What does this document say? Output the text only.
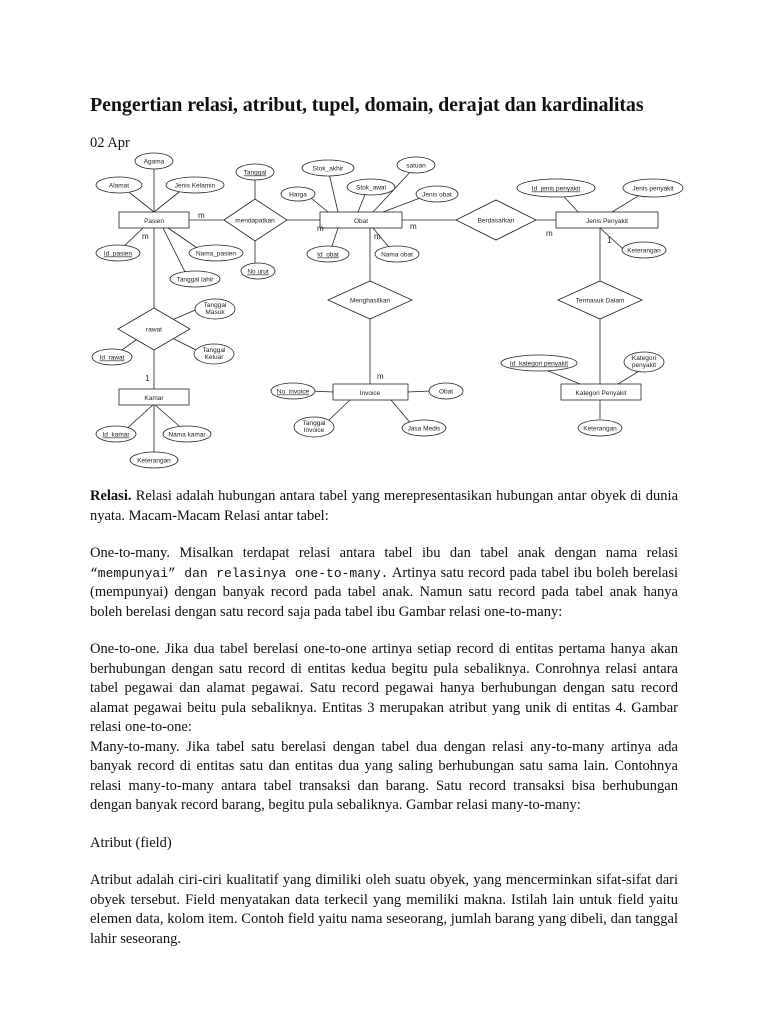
Pengertian relasi, atribut, tupel, domain, derajat dan kardinalitas
02 Apr
Pasien	Obat	Jenis Penyakit
Kamar
Invoice	Kategori Penyakit
mendapatkan	Berdasarkan
rawat
Menghasilkan	Termasuk Dalam
Agama
Alamat	Jenis Kelamin
Id_pasien	Nama_pasien
Tanggal lahir
Tanggal
No urut
Stok_akhir	satuan
Harga
Stok_awal
Jenis obat
Id_obat	Nama obat
Id_jenis penyakit	Jenis penyakit
Keterangan
Tanggal
Masuk
Id_rawat
Tanggal
Keluar
Id_kamar	Nama kamar
Keterangan
No_invoice	Obat
Tanggal
Invoice	Jasa Medis
Id_kategori penyakit
Kategori
penyakit
Keterangan
m
m
m	m
m	m
1
1	m

Relasi. Relasi adalah hubungan antara tabel yang merepresentasikan hubungan antar obyek di dunia nyata. Macam-Macam Relasi antar tabel:

One-to-many. Misalkan terdapat relasi antara tabel ibu dan tabel anak dengan nama relasi “mempunyai” dan relasinya one-to-many. Artinya satu record pada tabel ibu boleh berelasi (mempunyai) dengan banyak record pada tabel anak. Namun satu record pada tabel anak hanya boleh berelasi dengan satu record saja pada tabel ibu Gambar relasi one-to-many:

One-to-one. Jika dua tabel berelasi one-to-one artinya setiap record di entitas pertama hanya akan berhubungan dengan satu record di entitas kedua begitu pula sebaliknya. Conrohnya relasi antara tabel pegawai dan alamat pegawai. Satu record pegawai hanya berhubungan dengan satu record alamat pegawai beitu pula sebaliknya. Entitas 3 merupakan atribut yang unik di entitas 4. Gambar relasi one-to-one:

Many-to-many. Jika tabel satu berelasi dengan tabel dua dengan relasi any-to-many artinya ada banyak record di entitas satu dan entitas dua yang saling berhubungan satu sama lain. Contohnya relasi many-to-many antara tabel transaksi dan barang. Satu record transaksi bisa berhubungan dengan banyak record barang, begitu pula sebaliknya. Gambar relasi many-to-many:

Atribut (field)

Atribut adalah ciri-ciri kualitatif yang dimiliki oleh suatu obyek, yang mencerminkan sifat-sifat dari obyek tersebut. Field menyatakan data terkecil yang memiliki makna. Istilah lain untuk field yaitu elemen data, kolom item. Contoh field yaitu nama seseorang, jumlah barang yang dibeli, dan tanggal lahir seseorang.
